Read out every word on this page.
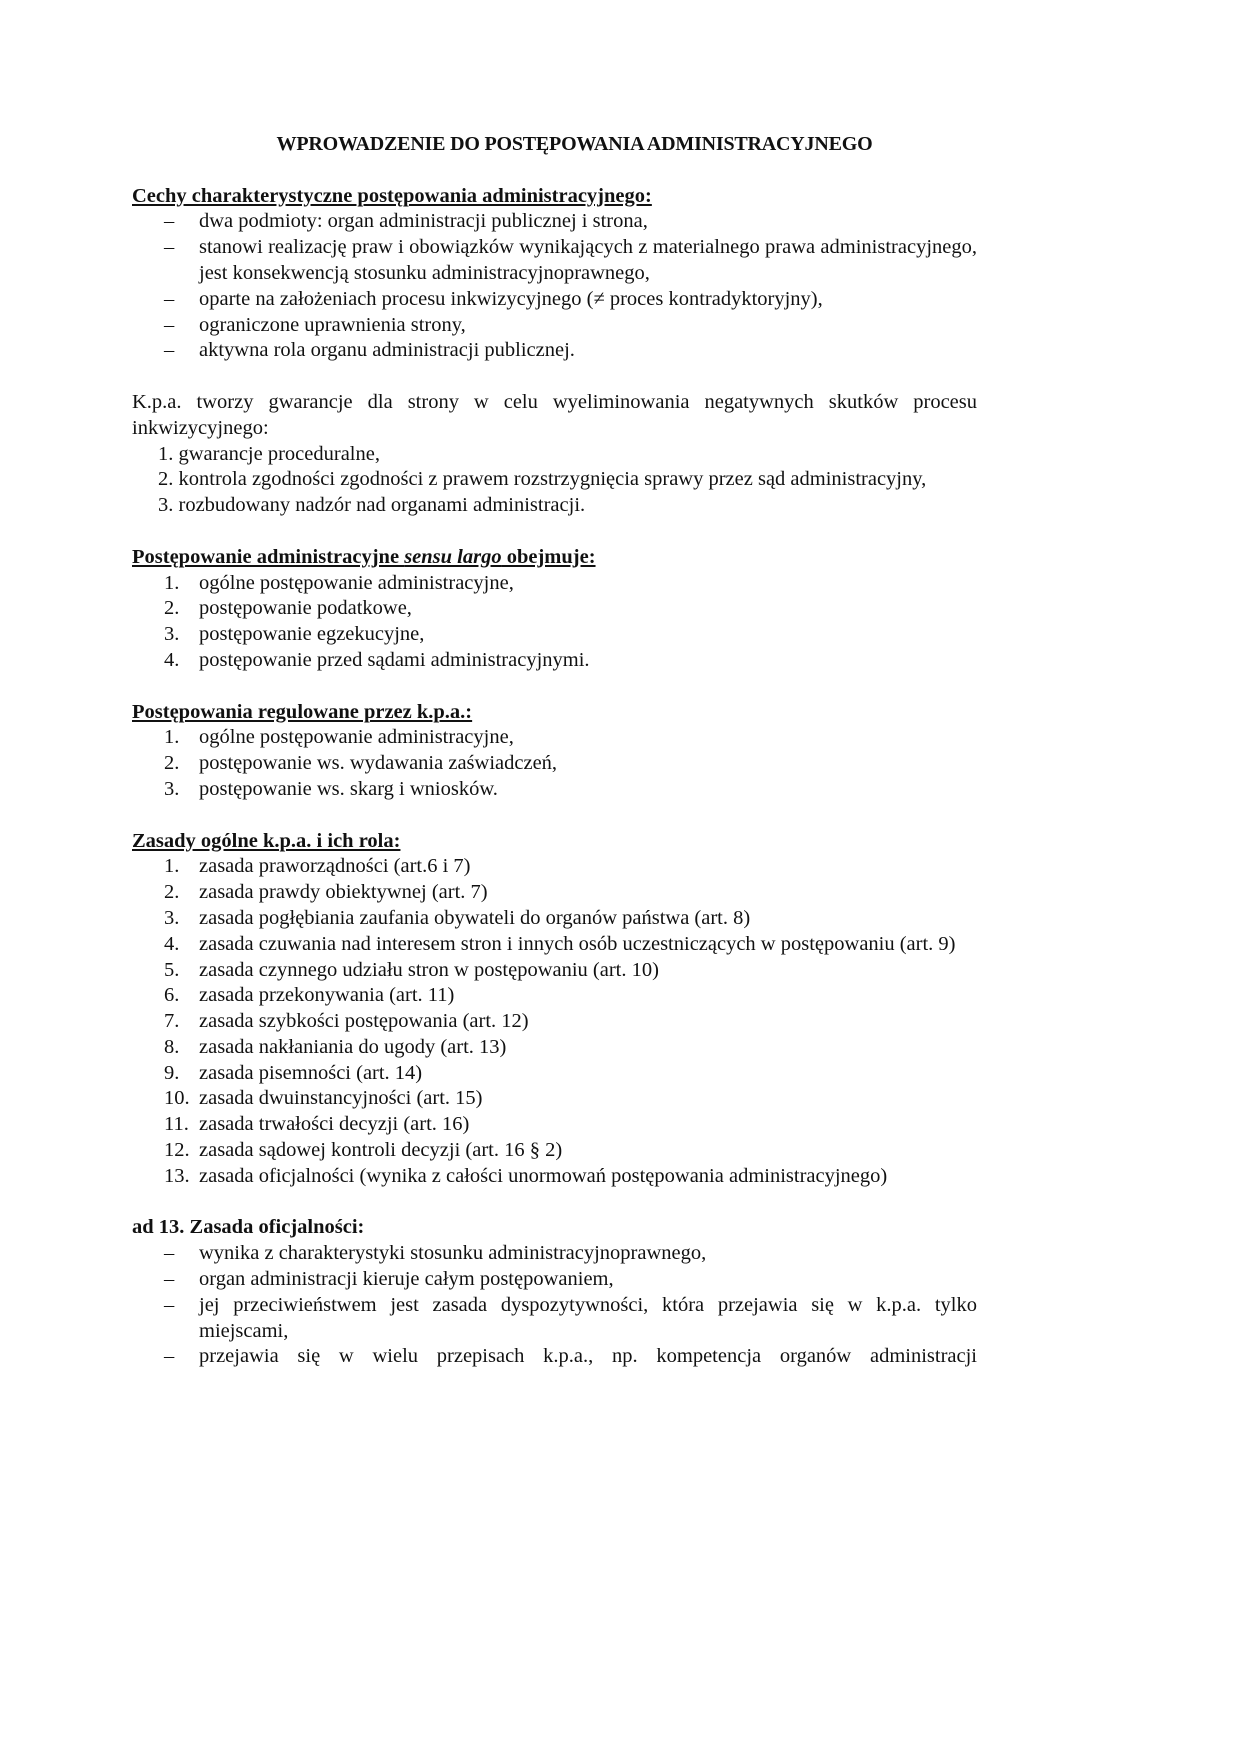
WPROWADZENIE DO POSTĘPOWANIA ADMINISTRACYJNEGO
Cechy charakterystyczne postępowania administracyjnego:
– dwa podmioty: organ administracji publicznej i strona,
– stanowi realizację praw i obowiązków wynikających z materialnego prawa administracyjnego, jest konsekwencją stosunku administracyjnoprawnego,
– oparte na założeniach procesu inkwizycyjnego (≠ proces kontradyktoryjny),
– ograniczone uprawnienia strony,
– aktywna rola organu administracji publicznej.
K.p.a. tworzy gwarancje dla strony w celu wyeliminowania negatywnych skutków procesu inkwizycyjnego:
1. gwarancje proceduralne,
2. kontrola zgodności zgodności z prawem rozstrzygnięcia sprawy przez sąd administracyjny,
3. rozbudowany nadzór nad organami administracji.
Postępowanie administracyjne sensu largo obejmuje:
1. ogólne postępowanie administracyjne,
2. postępowanie podatkowe,
3. postępowanie egzekucyjne,
4. postępowanie przed sądami administracyjnymi.
Postępowania regulowane przez k.p.a.:
1. ogólne postępowanie administracyjne,
2. postępowanie ws. wydawania zaświadczeń,
3. postępowanie ws. skarg i wniosków.
Zasady ogólne k.p.a. i ich rola:
1. zasada praworządności (art.6 i 7)
2. zasada prawdy obiektywnej (art. 7)
3. zasada pogłębiania zaufania obywateli do organów państwa (art. 8)
4. zasada czuwania nad interesem stron i innych osób uczestniczących w postępowaniu (art. 9)
5. zasada czynnego udziału stron w postępowaniu (art. 10)
6. zasada przekonywania (art. 11)
7. zasada szybkości postępowania (art. 12)
8. zasada nakłaniania do ugody (art. 13)
9. zasada pisemności (art. 14)
10. zasada dwuinstancyjności (art. 15)
11. zasada trwałości decyzji (art. 16)
12. zasada sądowej kontroli decyzji (art. 16 § 2)
13. zasada oficjalności (wynika z całości unormowań postępowania administracyjnego)
ad 13. Zasada oficjalności:
– wynika z charakterystyki stosunku administracyjnoprawnego,
– organ administracji kieruje całym postępowaniem,
– jej przeciwieństwem jest zasada dyspozytywności, która przejawia się w k.p.a. tylko miejscami,
– przejawia się w wielu przepisach k.p.a., np. kompetencja organów administracji
